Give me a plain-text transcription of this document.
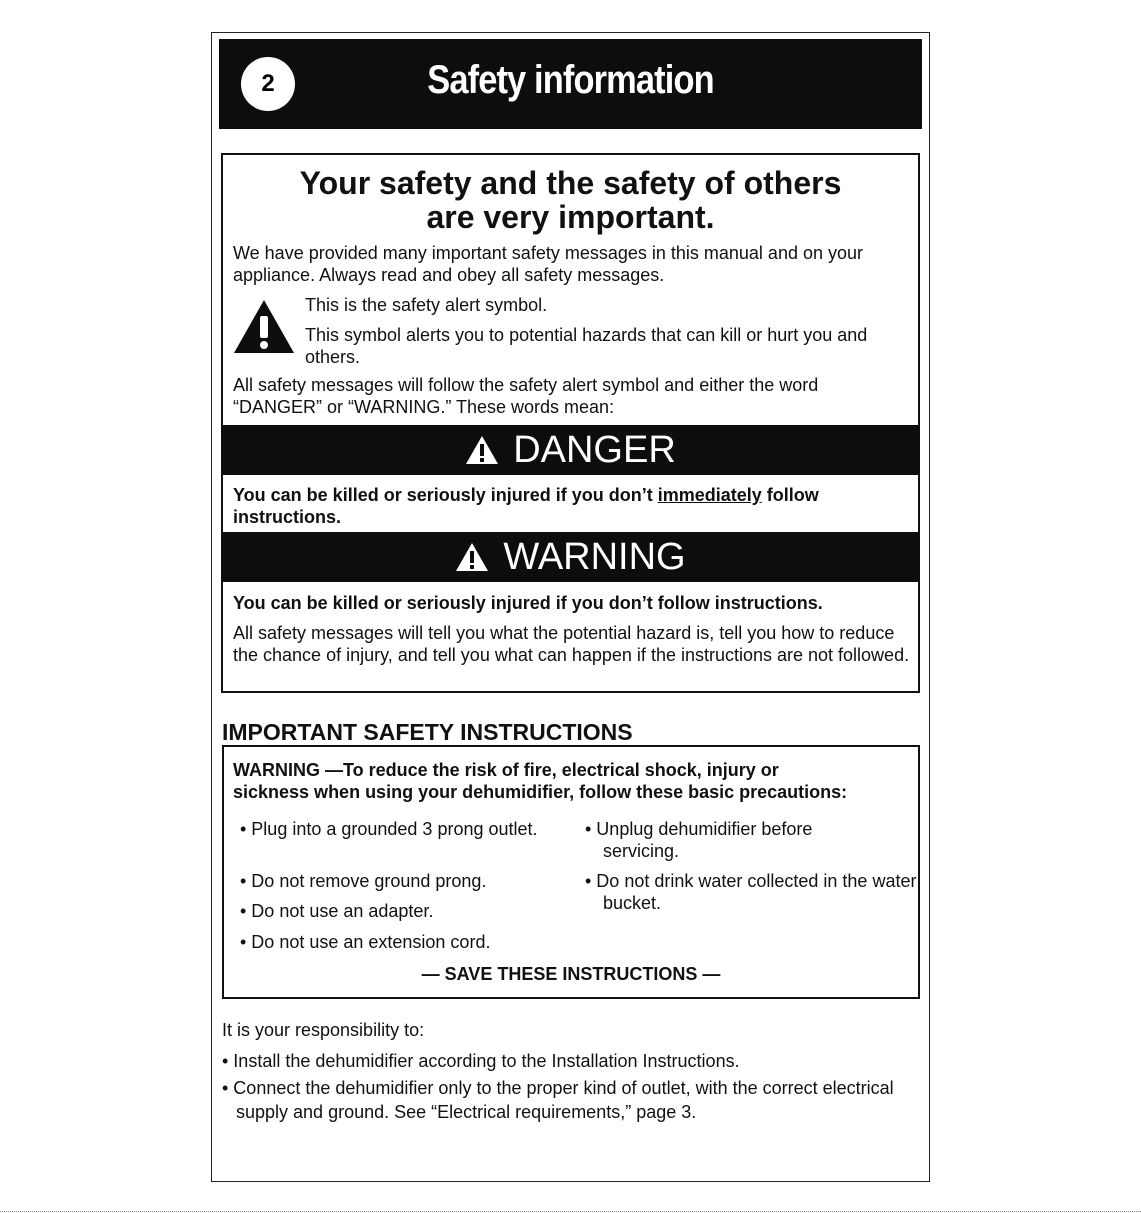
2	Safety information
Your safety and the safety of others
are very important.
We have provided many important safety messages in this manual and on your appliance. Always read and obey all safety messages.
This is the safety alert symbol.
This symbol alerts you to potential hazards that can kill or hurt you and others.
All safety messages will follow the safety alert symbol and either the word “DANGER” or “WARNING.” These words mean:
DANGER
You can be killed or seriously injured if you don’t immediately follow instructions.
WARNING
You can be killed or seriously injured if you don’t follow instructions.
All safety messages will tell you what the potential hazard is, tell you how to reduce the chance of injury, and tell you what can happen if the instructions are not followed.
IMPORTANT SAFETY INSTRUCTIONS
WARNING —To reduce the risk of fire, electrical shock, injury or
sickness when using your dehumidifier, follow these basic precautions:
• Plug into a grounded 3 prong outlet.
• Do not remove ground prong.
• Do not use an adapter.
• Do not use an extension cord.
• Unplug dehumidifier before servicing.
• Do not drink water collected in the water bucket.
— SAVE THESE INSTRUCTIONS —
It is your responsibility to:
• Install the dehumidifier according to the Installation Instructions.
• Connect the dehumidifier only to the proper kind of outlet, with the correct electrical supply and ground. See “Electrical requirements,” page 3.
